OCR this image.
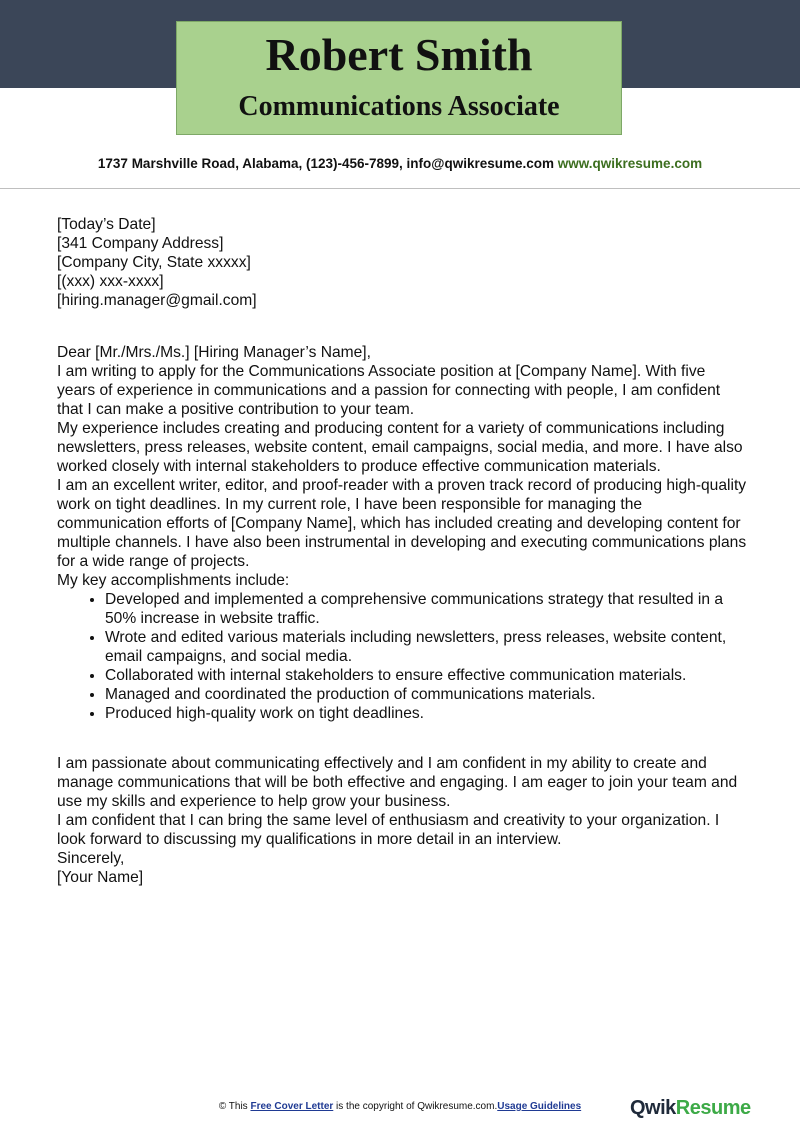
Robert Smith
Communications Associate
1737 Marshville Road, Alabama, (123)-456-7899, info@qwikresume.com www.qwikresume.com

[Today’s Date]

[341 Company Address]

[Company City, State xxxxx]

[(xxx) xxx-xxxx]

[hiring.manager@gmail.com]

Dear [Mr./Mrs./Ms.] [Hiring Manager’s Name],

I am writing to apply for the Communications Associate position at [Company Name]. With five years of experience in communications and a passion for connecting with people, I am confident that I can make a positive contribution to your team.

My experience includes creating and producing content for a variety of communications including newsletters, press releases, website content, email campaigns, social media, and more. I have also worked closely with internal stakeholders to produce effective communication materials.

I am an excellent writer, editor, and proof-reader with a proven track record of producing high-quality work on tight deadlines. In my current role, I have been responsible for managing the communication efforts of [Company Name], which has included creating and developing content for multiple channels. I have also been instrumental in developing and executing communications plans for a wide range of projects.

My key accomplishments include:

• Developed and implemented a comprehensive communications strategy that resulted in a 50% increase in website traffic.
• Wrote and edited various materials including newsletters, press releases, website content, email campaigns, and social media.
• Collaborated with internal stakeholders to ensure effective communication materials.
• Managed and coordinated the production of communications materials.
• Produced high-quality work on tight deadlines.

I am passionate about communicating effectively and I am confident in my ability to create and manage communications that will be both effective and engaging. I am eager to join your team and use my skills and experience to help grow your business.

I am confident that I can bring the same level of enthusiasm and creativity to your organization. I look forward to discussing my qualifications in more detail in an interview.

Sincerely,

[Your Name]

© This Free Cover Letter is the copyright of Qwikresume.com.Usage Guidelines	QwikResume
